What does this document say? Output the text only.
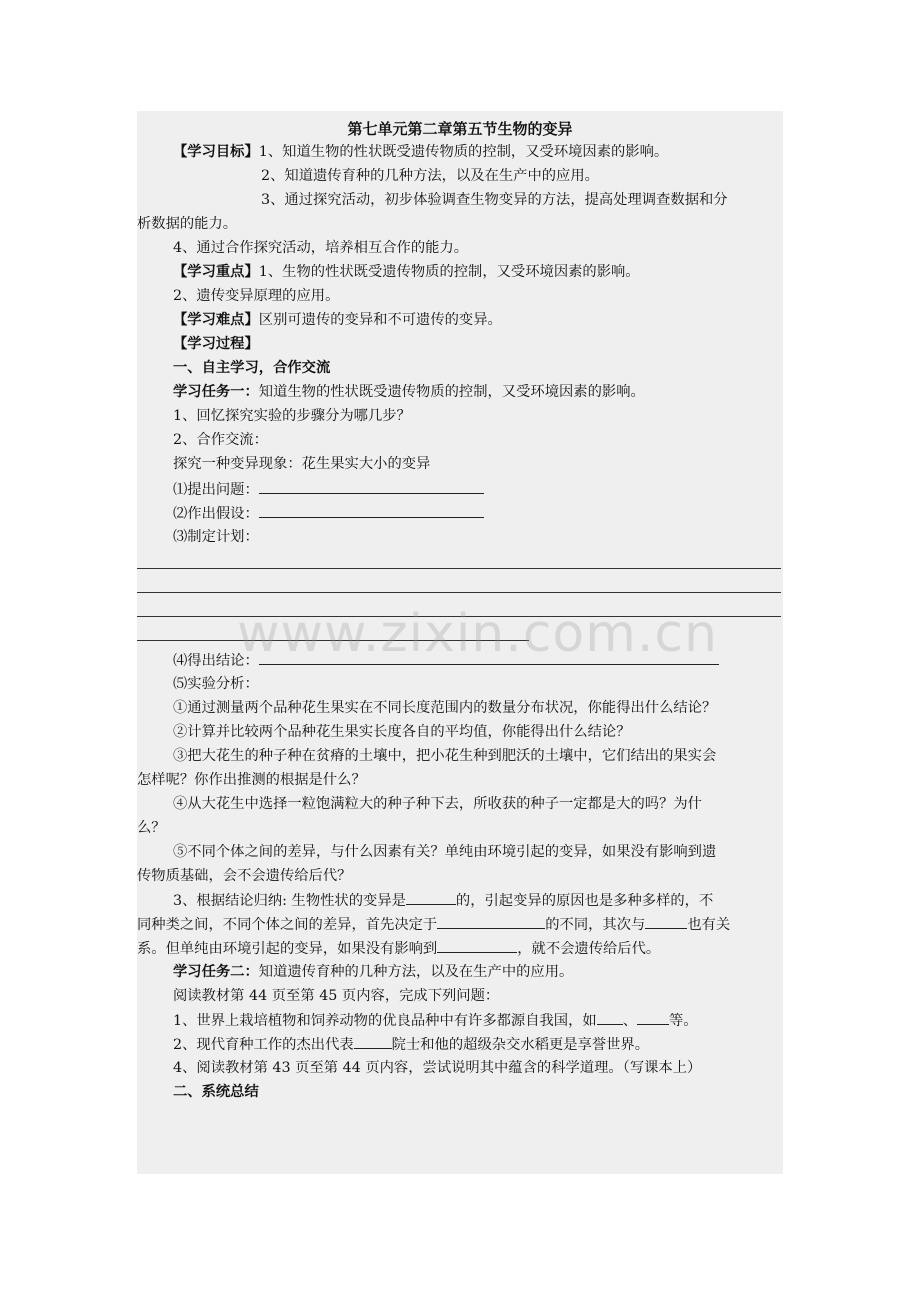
第七单元第二章第五节生物的变异
【学习目标】1、知道生物的性状既受遗传物质的控制，又受环境因素的影响。
2、知道遗传育种的几种方法，以及在生产中的应用。
3、通过探究活动，初步体验调查生物变异的方法，提高处理调查数据和分
析数据的能力。
4、通过合作探究活动，培养相互合作的能力。
【学习重点】1、生物的性状既受遗传物质的控制，又受环境因素的影响。
2、遗传变异原理的应用。
【学习难点】区别可遗传的变异和不可遗传的变异。
【学习过程】
一、自主学习，合作交流
学习任务一：知道生物的性状既受遗传物质的控制，又受环境因素的影响。
1、回忆探究实验的步骤分为哪几步？
2、合作交流：
探究一种变异现象：花生果实大小的变异
⑴提出问题：
⑵作出假设：
⑶制定计划：
⑷得出结论：
⑸实验分析：
①通过测量两个品种花生果实在不同长度范围内的数量分布状况，你能得出什么结论？
②计算并比较两个品种花生果实长度各自的平均值，你能得出什么结论？
③把大花生的种子种在贫瘠的土壤中，把小花生种到肥沃的土壤中，它们结出的果实会
怎样呢？你作出推测的根据是什么？
④从大花生中选择一粒饱满粒大的种子种下去，所收获的种子一定都是大的吗？为什
么？
⑤不同个体之间的差异，与什么因素有关？单纯由环境引起的变异，如果没有影响到遗
传物质基础，会不会遗传给后代？
3、根据结论归纳: 生物性状的变异是	的，引起变异的原因也是多种多样的，不
同种类之间，不同个体之间的差异，首先决定于	的不同，其次与	也有关
系。但单纯由环境引起的变异，如果没有影响到	，就不会遗传给后代。
学习任务二：知道遗传育种的几种方法，以及在生产中的应用。
阅读教材第 44 页至第 45 页内容，完成下列问题：
1、世界上栽培植物和饲养动物的优良品种中有许多都源自我国，如 、 等。
2、现代育种工作的杰出代表	院士和他的超级杂交水稻更是享誉世界。
4、阅读教材第 43 页至第 44 页内容，尝试说明其中蕴含的科学道理。（写课本上）
二、系统总结
www.zixin.com.cn
